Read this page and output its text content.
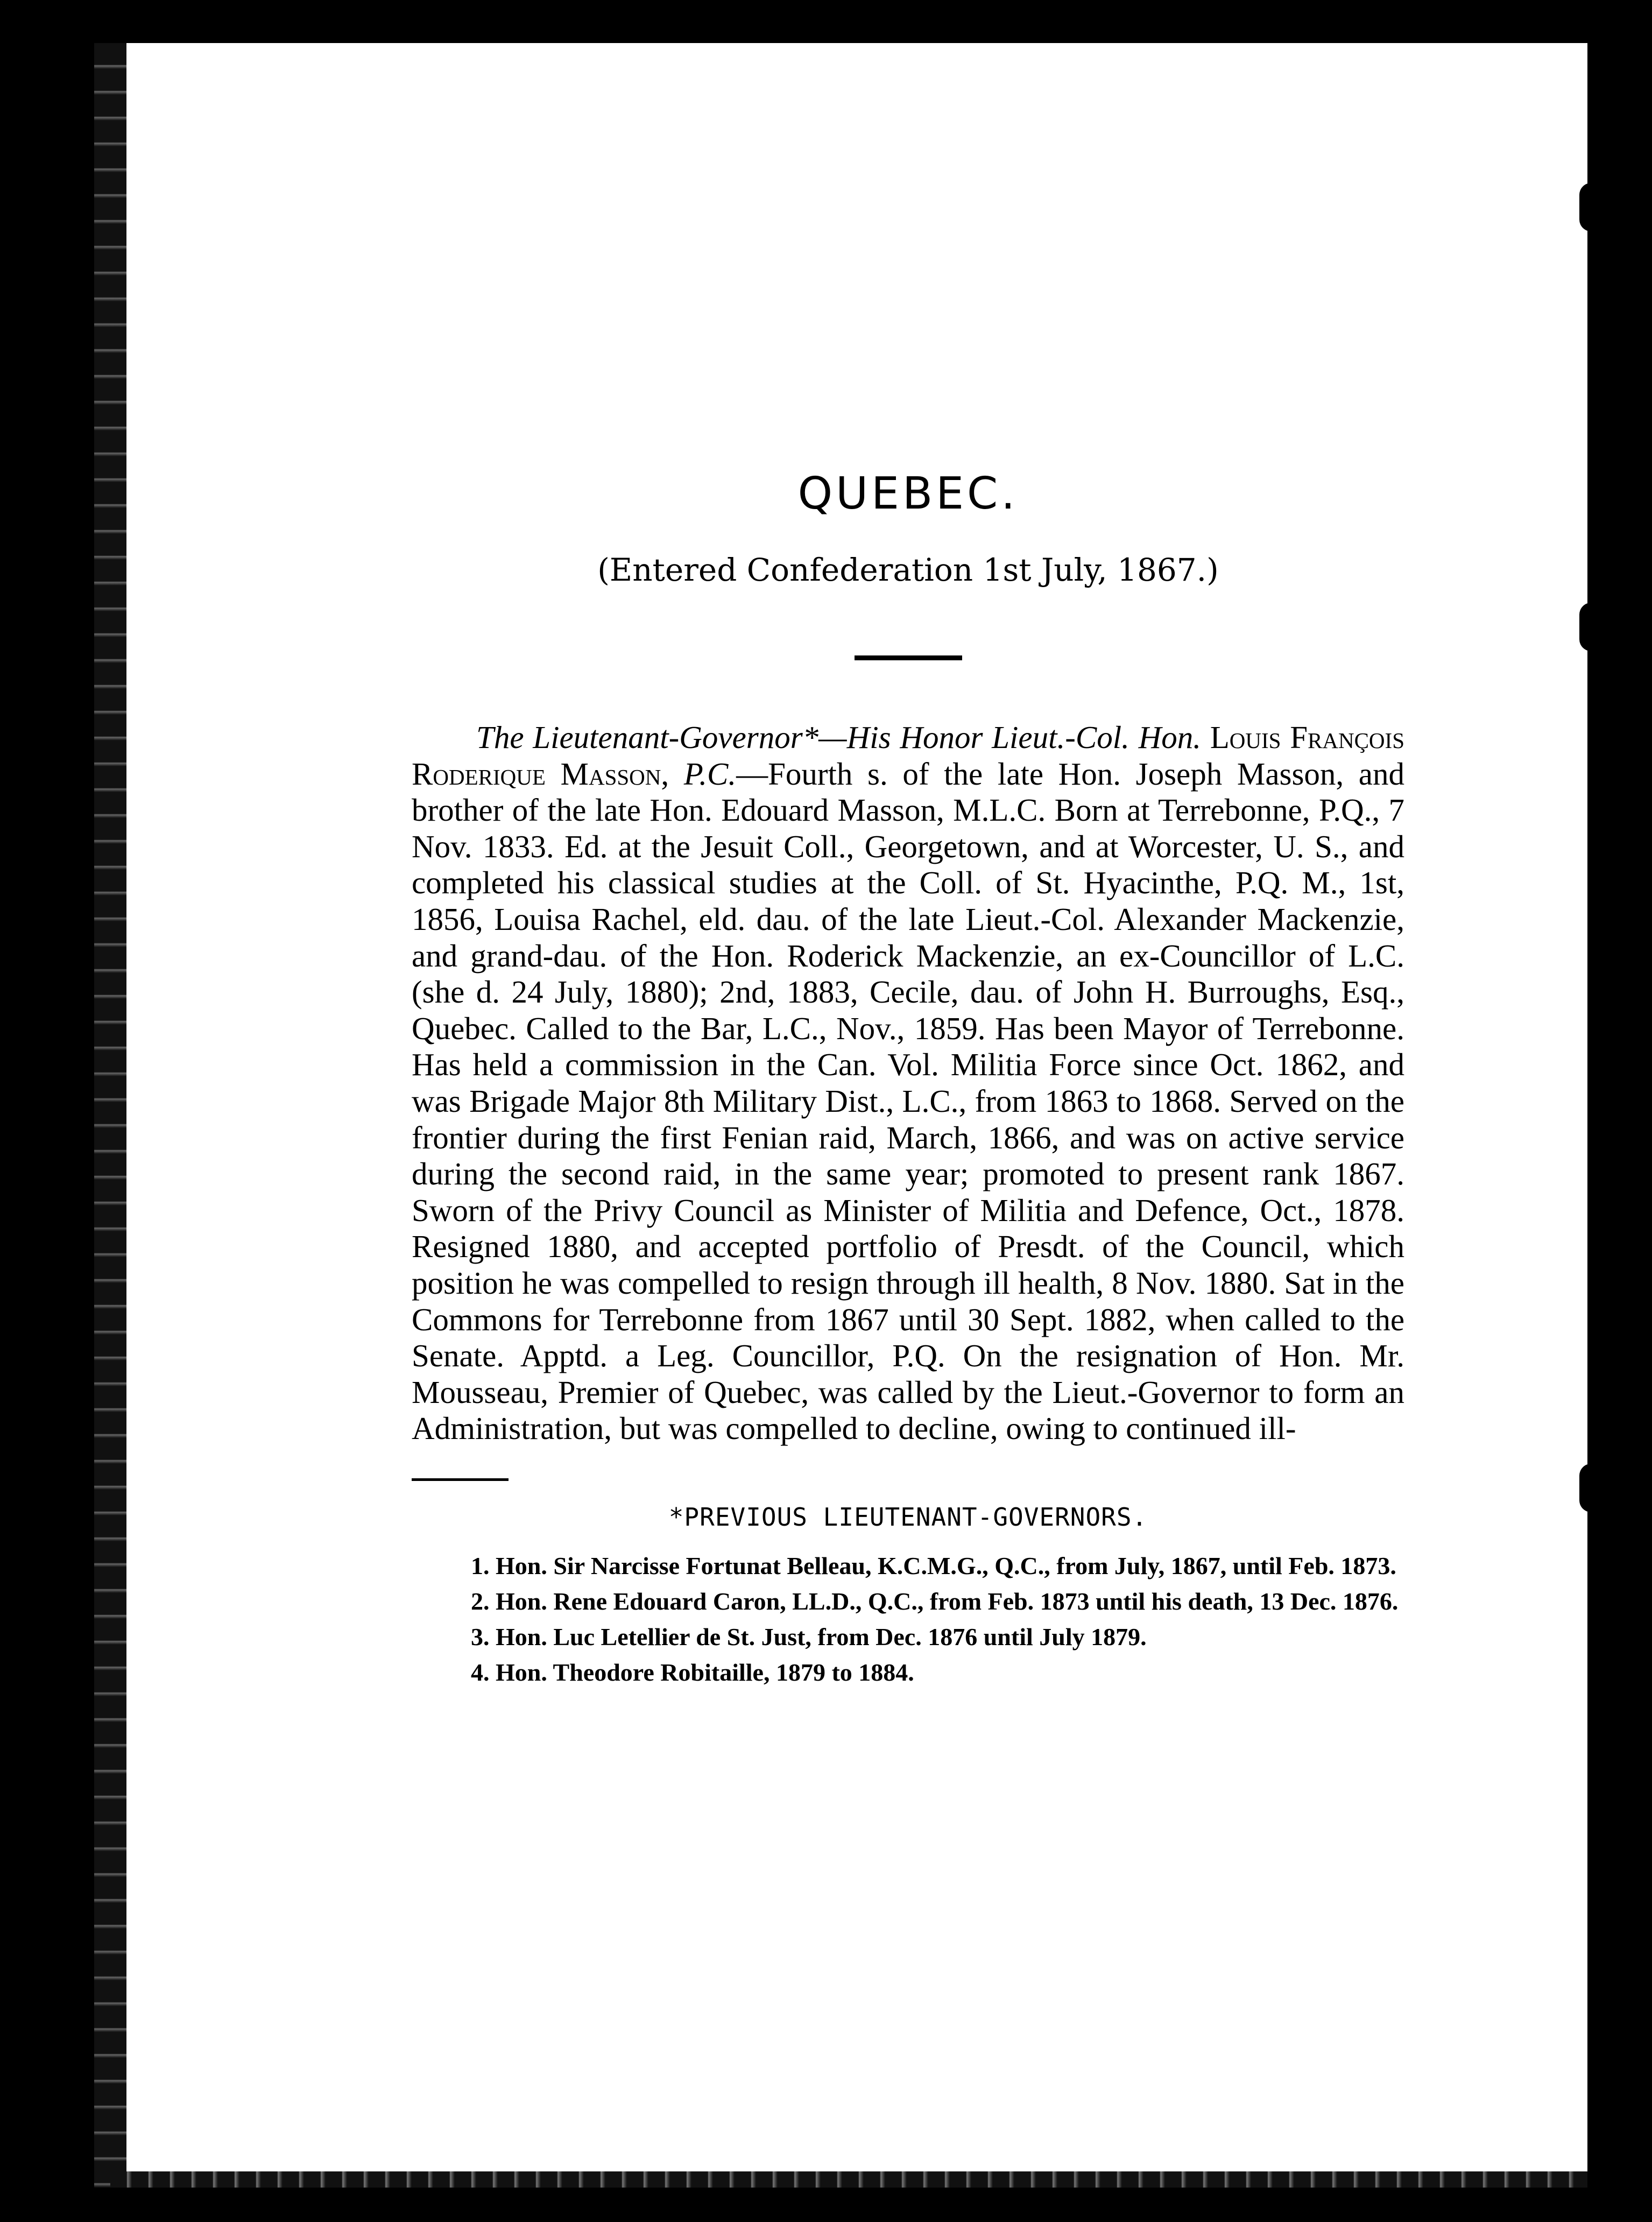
QUEBEC.

(Entered Confederation 1st July, 1867.)

The Lieutenant-Governor*—His Honor Lieut.-Col. Hon. Louis François Roderique Masson, P.C.—Fourth s. of the late Hon. Joseph Masson, and brother of the late Hon. Edouard Masson, M.L.C. Born at Terrebonne, P.Q., 7 Nov. 1833. Ed. at the Jesuit Coll., Georgetown, and at Worcester, U. S., and completed his classical studies at the Coll. of St. Hyacinthe, P.Q. M., 1st, 1856, Louisa Rachel, eld. dau. of the late Lieut.-Col. Alexander Mackenzie, and grand-dau. of the Hon. Roderick Mackenzie, an ex-Councillor of L.C. (she d. 24 July, 1880); 2nd, 1883, Cecile, dau. of John H. Burroughs, Esq., Quebec. Called to the Bar, L.C., Nov., 1859. Has been Mayor of Terrebonne. Has held a commission in the Can. Vol. Militia Force since Oct. 1862, and was Brigade Major 8th Military Dist., L.C., from 1863 to 1868. Served on the frontier during the first Fenian raid, March, 1866, and was on active service during the second raid, in the same year; promoted to present rank 1867. Sworn of the Privy Council as Minister of Militia and Defence, Oct., 1878. Resigned 1880, and accepted portfolio of Presdt. of the Council, which position he was compelled to resign through ill health, 8 Nov. 1880. Sat in the Commons for Terrebonne from 1867 until 30 Sept. 1882, when called to the Senate. Apptd. a Leg. Councillor, P.Q. On the resignation of Hon. Mr. Mousseau, Premier of Quebec, was called by the Lieut.-Governor to form an Administration, but was compelled to decline, owing to continued ill-

*PREVIOUS LIEUTENANT-GOVERNORS.

1. Hon. Sir Narcisse Fortunat Belleau, K.C.M.G., Q.C., from July, 1867, until Feb. 1873.

2. Hon. Rene Edouard Caron, LL.D., Q.C., from Feb. 1873 until his death, 13 Dec. 1876.

3. Hon. Luc Letellier de St. Just, from Dec. 1876 until July 1879.

4. Hon. Theodore Robitaille, 1879 to 1884.
